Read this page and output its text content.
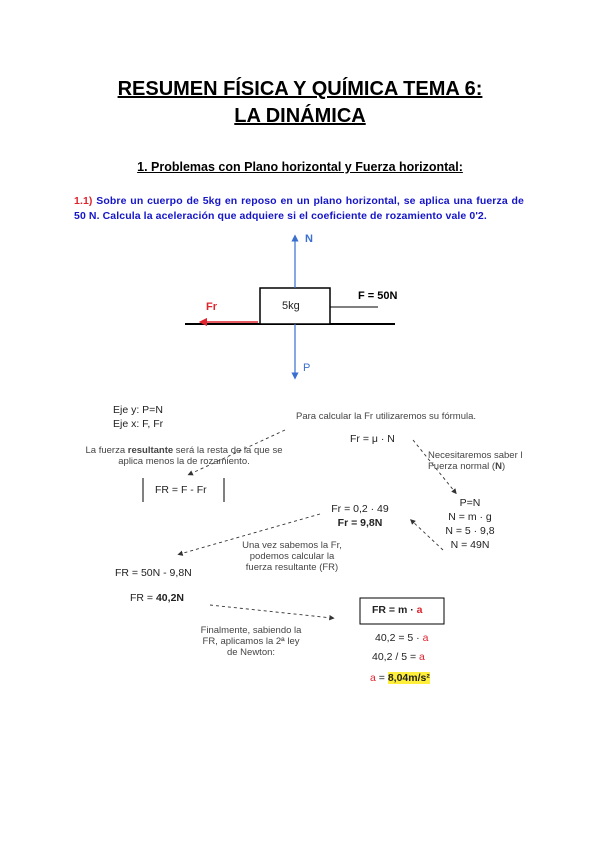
RESUMEN FÍSICA Y QUÍMICA TEMA 6:
LA DINÁMICA
1. Problemas con Plano horizontal y Fuerza horizontal:
1.1) Sobre un cuerpo de 5kg en reposo en un plano horizontal, se aplica una fuerza de 50 N. Calcula la aceleración que adquiere si el coeficiente de rozamiento vale 0'2.
N
P
Fr	5kg
F = 50N
Eje y: P=N
Eje x: F, Fr
La fuerza resultante será la resta de la que se
aplica menos la de rozamiento.
FR = F - Fr
Para calcular la Fr utilizaremos su fórmula.
Fr = μ · N
Necesitaremos saber l
Fuerza normal (N)
P=N
N = m · g
N = 5 · 9,8
N = 49N
Fr = 0,2 · 49
Fr = 9,8N
Una vez sabemos la Fr,
podemos calcular la
fuerza resultante (FR)
FR = 50N - 9,8N
FR = 40,2N
Finalmente, sabiendo la
FR, aplicamos la 2ª ley
de Newton:
FR = m · a
40,2 = 5 · a
40,2 / 5 = a
a = 8,04m/s²
